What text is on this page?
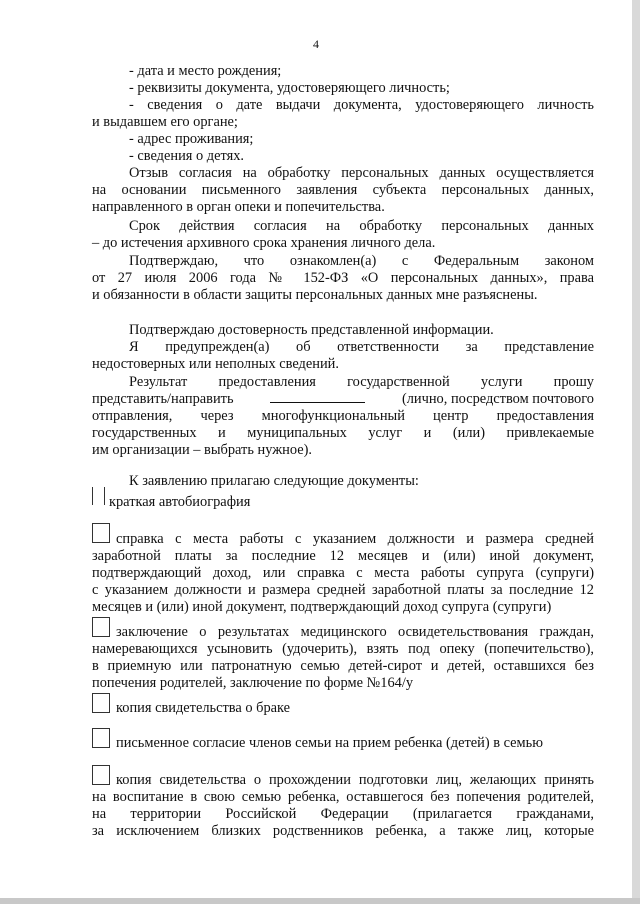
4
- дата и место рождения;
- реквизиты документа, удостоверяющего личность;
- сведения о дате выдачи документа, удостоверяющего личность
и выдавшем его органе;
- адрес проживания;
- сведения о детях.
Отзыв согласия на обработку персональных данных осуществляется
на основании письменного заявления субъекта персональных данных,
направленного в орган опеки и попечительства.
Срок действия согласия на обработку персональных данных
– до истечения архивного срока хранения личного дела.
Подтверждаю, что ознакомлен(а) с Федеральным законом
от 27 июля 2006 года № 152-ФЗ «О персональных данных», права
и обязанности в области защиты персональных данных мне разъяснены.
Подтверждаю достоверность представленной информации.
Я предупрежден(а) об ответственности за представление
недостоверных или неполных сведений.
Результат предоставления государственной услуги прошу
представить/направить	(лично, посредством почтового
отправления, через многофункциональный центр предоставления
государственных и муниципальных услуг и (или) привлекаемые
им организации – выбрать нужное).
К заявлению прилагаю следующие документы:
краткая автобиография
справка с места работы с указанием должности и размера средней
заработной платы за последние 12 месяцев и (или) иной документ,
подтверждающий доход, или справка с места работы супруга (супруги)
с указанием должности и размера средней заработной платы за последние 12
месяцев и (или) иной документ, подтверждающий доход супруга (супруги)
заключение о результатах медицинского освидетельствования граждан,
намеревающихся усыновить (удочерить), взять под опеку (попечительство),
в приемную или патронатную семью детей-сирот и детей, оставшихся без
попечения родителей, заключение по форме №164/у
копия свидетельства о браке
письменное согласие членов семьи на прием ребенка (детей) в семью
копия свидетельства о прохождении подготовки лиц, желающих принять
на воспитание в свою семью ребенка, оставшегося без попечения родителей,
на территории Российской Федерации (прилагается гражданами,
за исключением близких родственников ребенка, а также лиц, которые
